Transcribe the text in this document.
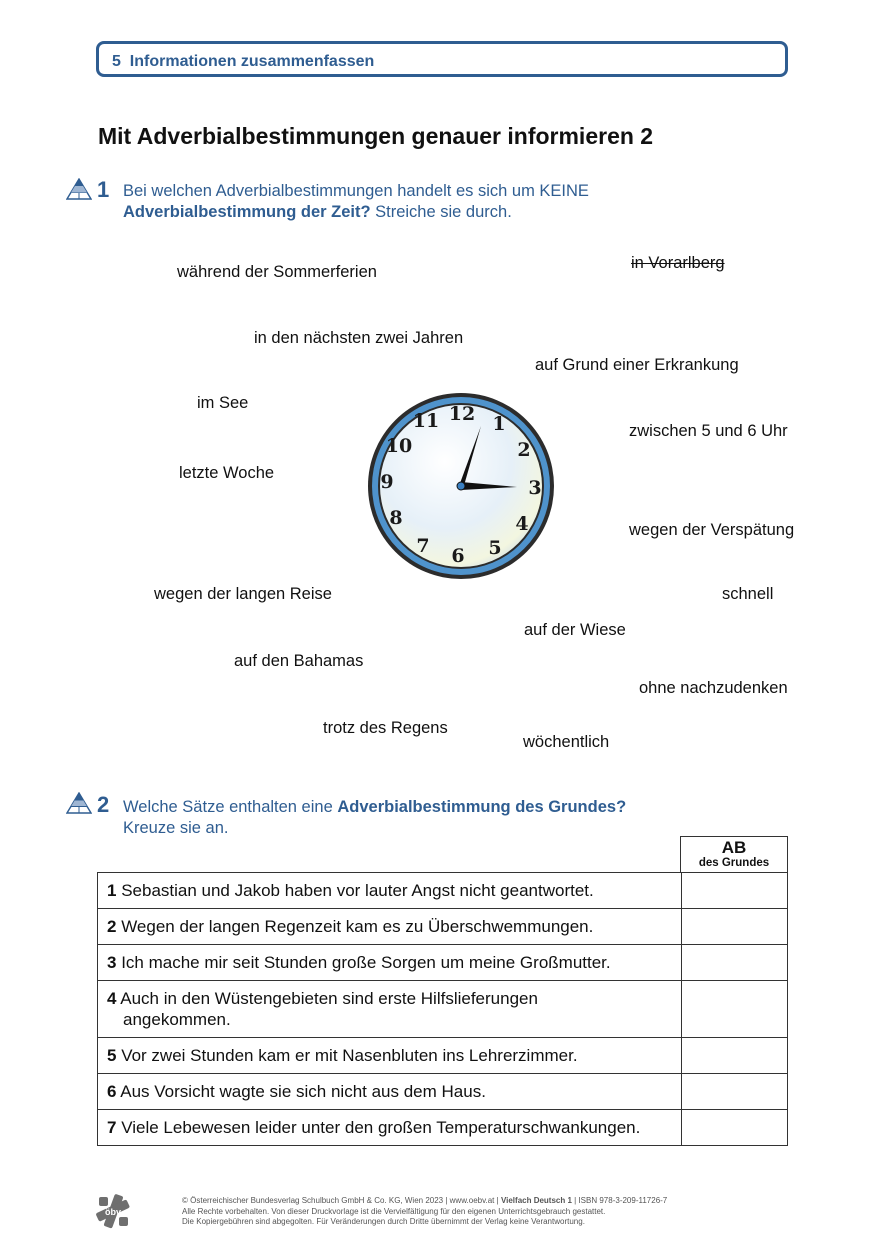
5 Informationen zusammenfassen
Mit Adverbialbestimmungen genauer informieren 2
1 Bei welchen Adverbialbestimmungen handelt es sich um KEINE
Adverbialbestimmung der Zeit? Streiche sie durch.
während der Sommerferien	in Vorarlberg
in den nächsten zwei Jahren
auf Grund einer Erkrankung
im See
zwischen 5 und 6 Uhr
letzte Woche
wegen der Verspätung
wegen der langen Reise	schnell
auf der Wiese
auf den Bahamas
ohne nachzudenken
trotz des Regens
wöchentlich
12 1
2
3
4
5
6
7
8
9
10
11
2 Welche Sätze enthalten eine Adverbialbestimmung des Grundes?
Kreuze sie an.
AB
des Grundes
1 Sebastian und Jakob haben vor lauter Angst nicht geantwortet.	
2 Wegen der langen Regenzeit kam es zu Überschwemmungen.	
3 Ich mache mir seit Stunden große Sorgen um meine Großmutter.	
4 Auch in den Wüstengebieten sind erste Hilfslieferungen
angekommen.	

5 Vor zwei Stunden kam er mit Nasenbluten ins Lehrerzimmer.	
6 Aus Vorsicht wagte sie sich nicht aus dem Haus.	
7 Viele Lebewesen leider unter den großen Temperaturschwankungen.	
öbv
© Österreichischer Bundesverlag Schulbuch GmbH & Co. KG, Wien 2023 | www.oebv.at | Vielfach Deutsch 1 | ISBN 978-3-209-11726-7
Alle Rechte vorbehalten. Von dieser Druckvorlage ist die Vervielfältigung für den eigenen Unterrichtsgebrauch gestattet.
Die Kopiergebühren sind abgegolten. Für Veränderungen durch Dritte übernimmt der Verlag keine Verantwortung.
